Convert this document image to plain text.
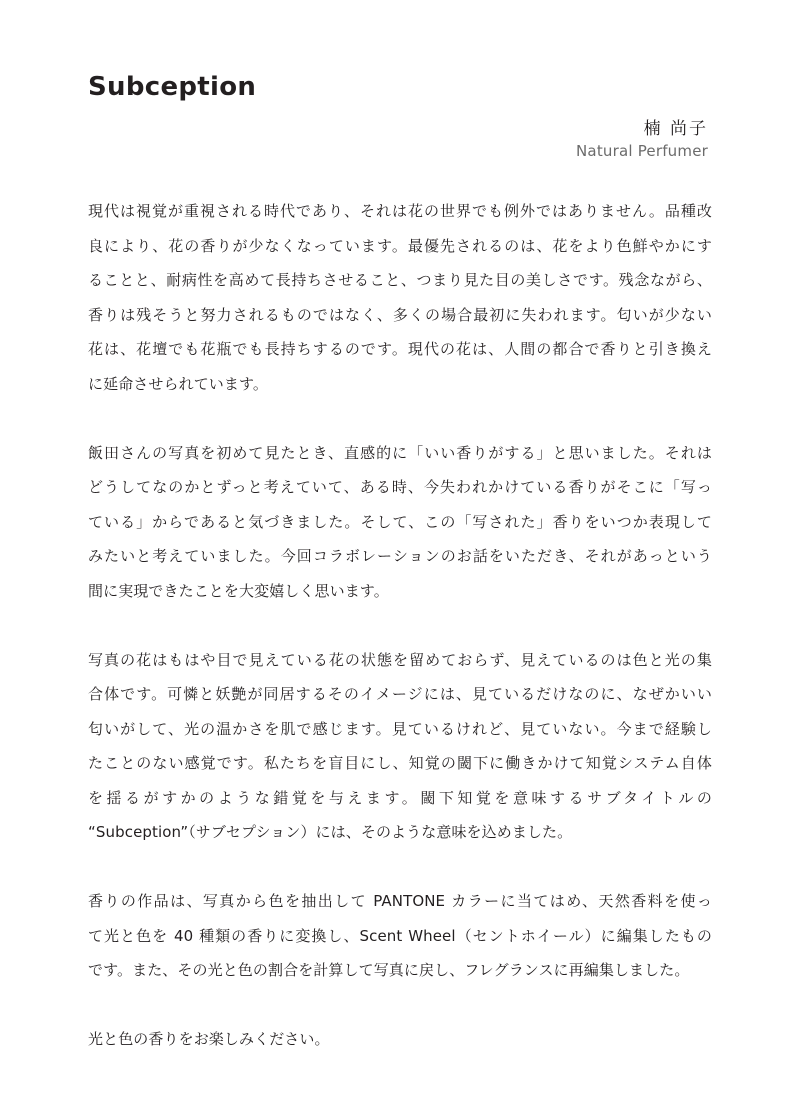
Subception
楠 尚子
Natural Perfumer

現代は視覚が重視される時代であり、それは花の世界でも例外ではありません。品種改
良により、花の香りが少なくなっています。最優先されるのは、花をより色鮮やかにす
ることと、耐病性を高めて長持ちさせること、つまり見た目の美しさです。残念ながら、
香りは残そうと努力されるものではなく、多くの場合最初に失われます。匂いが少ない
花は、花壇でも花瓶でも長持ちするのです。現代の花は、人間の都合で香りと引き換え
に延命させられています。

飯田さんの写真を初めて見たとき、直感的に「いい香りがする」と思いました。それは
どうしてなのかとずっと考えていて、ある時、今失われかけている香りがそこに「写っ
ている」からであると気づきました。そして、この「写された」香りをいつか表現して
みたいと考えていました。今回コラボレーションのお話をいただき、それがあっという
間に実現できたことを大変嬉しく思います。

写真の花はもはや目で見えている花の状態を留めておらず、見えているのは色と光の集
合体です。可憐と妖艶が同居するそのイメージには、見ているだけなのに、なぜかいい
匂いがして、光の温かさを肌で感じます。見ているけれど、見ていない。今まで経験し
たことのない感覚です。私たちを盲目にし、知覚の閾下に働きかけて知覚システム自体
を揺るがすかのような錯覚を与えます。閾下知覚を意味するサブタイトルの
“Subception”（サブセプション）には、そのような意味を込めました。

香りの作品は、写真から色を抽出して PANTONE カラーに当てはめ、天然香料を使っ
て光と色を 40 種類の香りに変換し、Scent Wheel（セントホイール）に編集したもの
です。また、その光と色の割合を計算して写真に戻し、フレグランスに再編集しました。

光と色の香りをお楽しみください。
